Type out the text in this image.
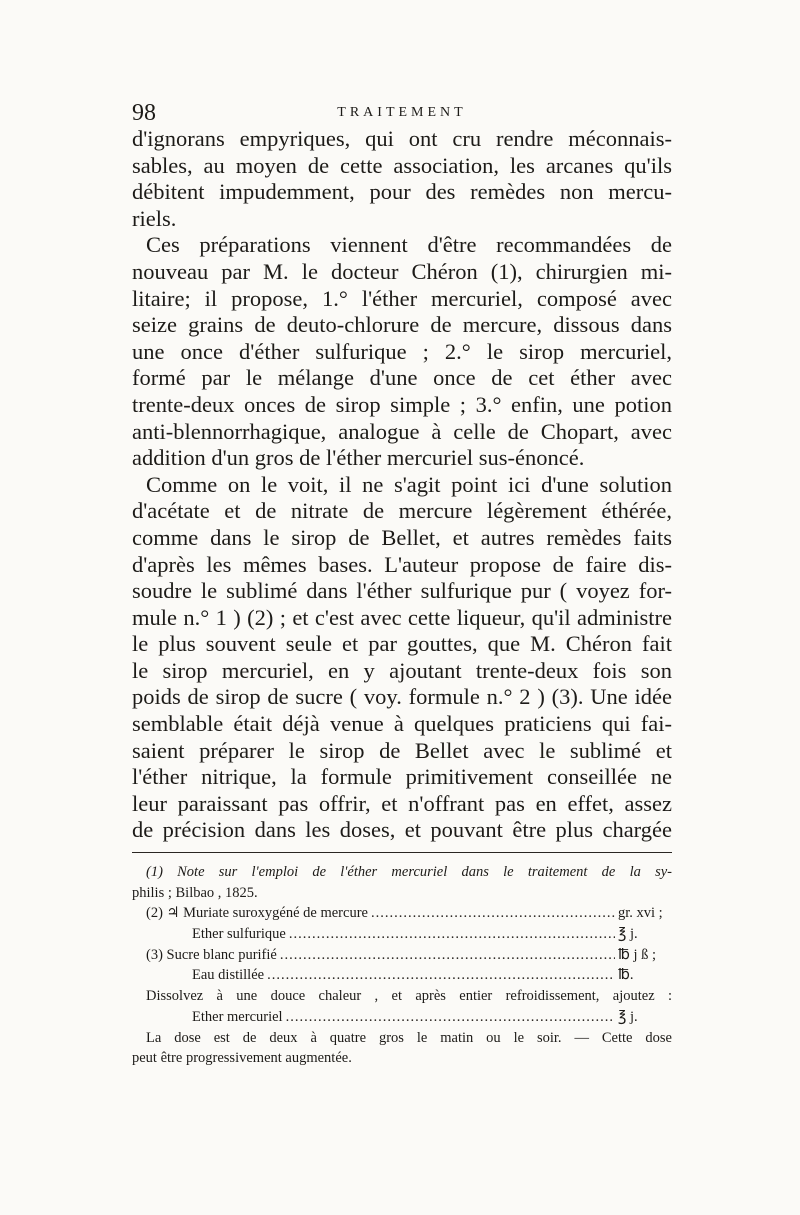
98	TRAITEMENT
d'ignorans empyriques, qui ont cru rendre méconnais-
sables, au moyen de cette association, les arcanes qu'ils
débitent impudemment, pour des remèdes non mercu-
riels.
Ces préparations viennent d'être recommandées de
nouveau par M. le docteur Chéron (1), chirurgien mi-
litaire; il propose, 1.° l'éther mercuriel, composé avec
seize grains de deuto-chlorure de mercure, dissous dans
une once d'éther sulfurique ; 2.° le sirop mercuriel,
formé par le mélange d'une once de cet éther avec
trente-deux onces de sirop simple ; 3.° enfin, une potion
anti-blennorrhagique, analogue à celle de Chopart, avec
addition d'un gros de l'éther mercuriel sus-énoncé.
Comme on le voit, il ne s'agit point ici d'une solution
d'acétate et de nitrate de mercure légèrement éthérée,
comme dans le sirop de Bellet, et autres remèdes faits
d'après les mêmes bases. L'auteur propose de faire dis-
soudre le sublimé dans l'éther sulfurique pur ( voyez for-
mule n.° 1 ) (2) ; et c'est avec cette liqueur, qu'il administre
le plus souvent seule et par gouttes, que M. Chéron fait
le sirop mercuriel, en y ajoutant trente-deux fois son
poids de sirop de sucre ( voy. formule n.° 2 ) (3). Une idée
semblable était déjà venue à quelques praticiens qui fai-
saient préparer le sirop de Bellet avec le sublimé et
l'éther nitrique, la formule primitivement conseillée ne
leur paraissant pas offrir, et n'offrant pas en effet, assez
de précision dans les doses, et pouvant être plus chargée
(1) Note sur l'emploi de l'éther mercuriel dans le traitement de la sy-
philis ; Bilbao , 1825.
(2) ♃ Muriate suroxygéné de mercure .....	gr. xvi ;
Ether sulfurique .....	℥ j.
(3) Sucre blanc purifié .....	℔ j ß ;
Eau distillée .....	℔.
Dissolvez à une douce chaleur , et après entier refroidissement, ajoutez :
Ether mercuriel .....	℥ j.
La dose est de deux à quatre gros le matin ou le soir. — Cette dose
peut être progressivement augmentée.
